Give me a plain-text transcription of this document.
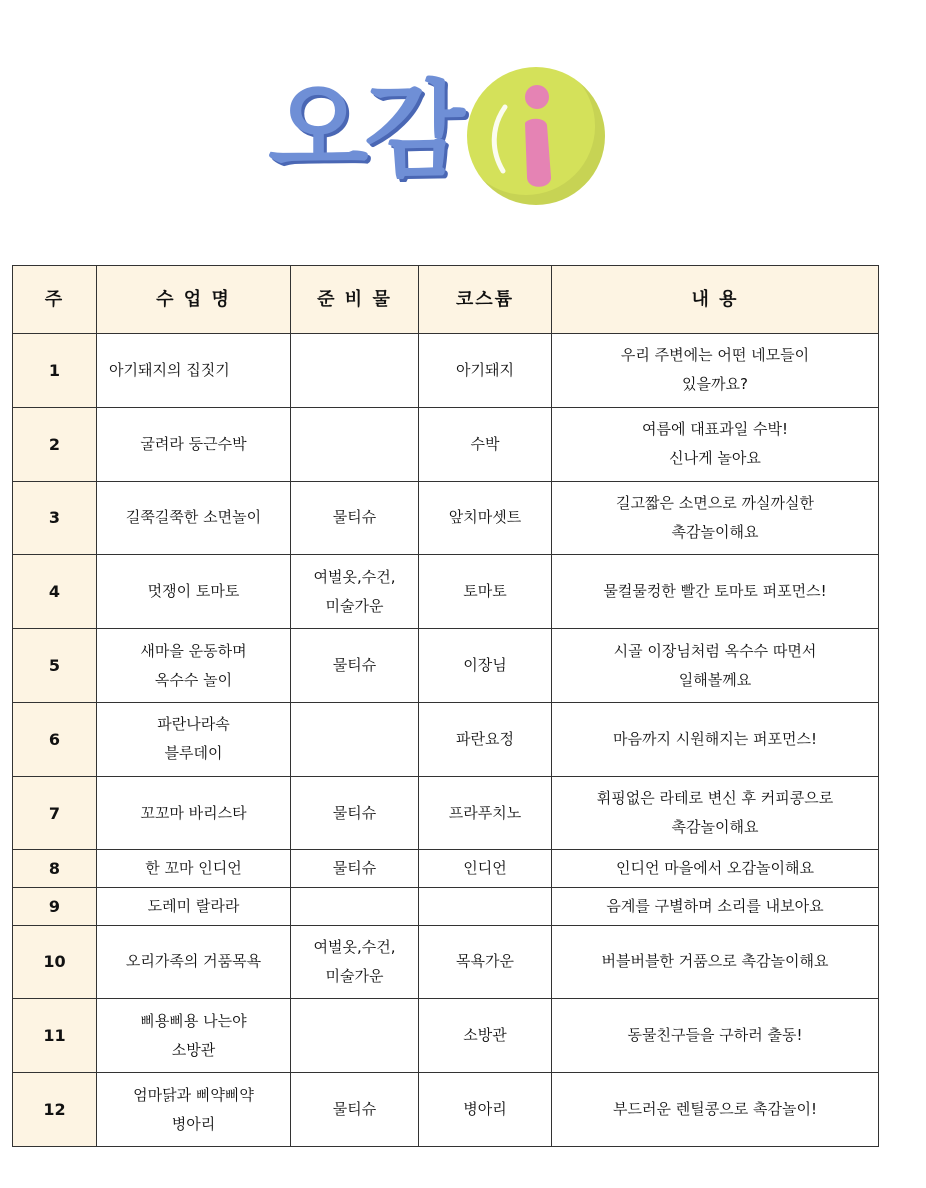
오감
i
주	수 업 명	준 비 물	코스튬	내 용
1	아기돼지의 집짓기		아기돼지	우리 주변에는 어떤 네모들이
있을까요?
2	굴려라 둥근수박		수박	여름에 대표과일 수박!
신나게 놀아요
3	길쭉길쭉한 소면놀이	물티슈	앞치마셋트	길고짧은 소면으로 까실까실한
촉감놀이해요
4	멋쟁이 토마토	여벌옷,수건,
미술가운	토마토	물컬물컹한 빨간 토마토 퍼포먼스!
5	새마을 운동하며
옥수수 놀이	물티슈	이장님	시골 이장님처럼 옥수수 따면서
일해볼께요
6	파란나라속
블루데이		파란요정	마음까지 시원해지는 퍼포먼스!
7	꼬꼬마 바리스타	물티슈	프라푸치노	휘핑없은 라테로 변신 후 커피콩으로
촉감놀이해요
8	한 꼬마 인디언	물티슈	인디언	인디언 마을에서 오감놀이해요
9	도레미 랄라라			음계를 구별하며 소리를 내보아요
10	오리가족의 거품목욕	여벌옷,수건,
미술가운	목욕가운	버블버블한 거품으로 촉감놀이해요
11	삐용삐용 나는야
소방관		소방관	동물친구들을 구하러 출동!
12	엄마닭과 삐약삐약
병아리	물티슈	병아리	부드러운 렌틸콩으로 촉감놀이!
